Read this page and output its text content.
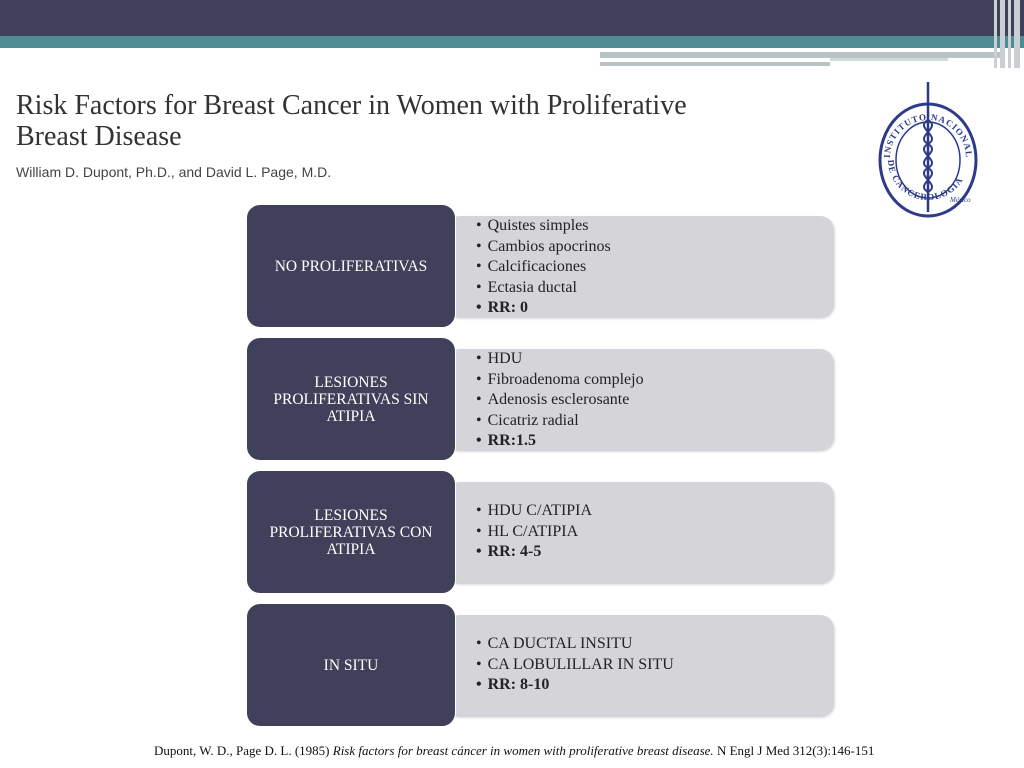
Risk Factors for Breast Cancer in Women with Proliferative
Breast Disease
William D. Dupont, Ph.D., and David L. Page, M.D.
INSTITUTO NACIONAL
DE CANCEROLOGIA
México
NO PROLIFERATIVAS
• Quistes simples
• Cambios apocrinos
• Calcificaciones
• Ectasia ductal
• RR: 0
LESIONES PROLIFERATIVAS SIN ATIPIA
• HDU
• Fibroadenoma complejo
• Adenosis esclerosante
• Cicatriz radial
• RR:1.5
LESIONES PROLIFERATIVAS CON ATIPIA
• HDU C/ATIPIA
• HL C/ATIPIA
• RR: 4-5
IN SITU
• CA DUCTAL INSITU
• CA LOBULILLAR IN SITU
• RR: 8-10
Dupont, W. D., Page D. L. (1985) Risk factors for breast cáncer in women with proliferative breast disease. N Engl J Med 312(3):146-151
